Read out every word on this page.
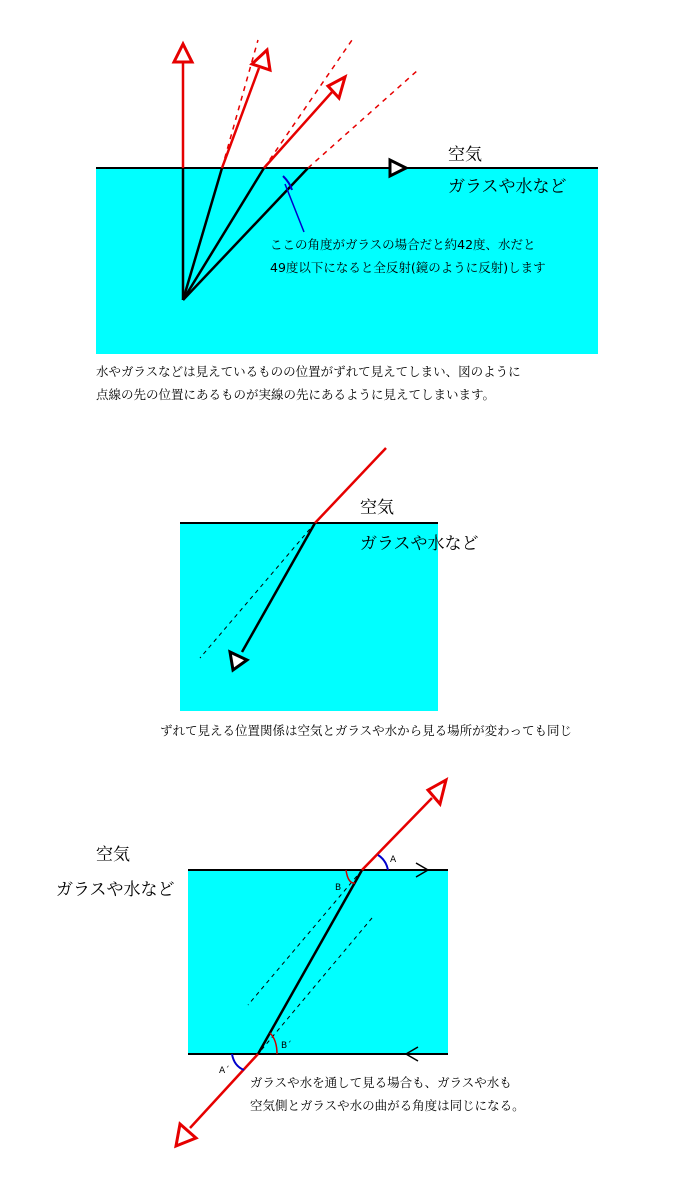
空気
ガラスや水など
ここの角度がガラスの場合だと約42度、水だと
49度以下になると全反射(鏡のように反射)します
水やガラスなどは見えているものの位置がずれて見えてしまい、図のように
点線の先の位置にあるものが実線の先にあるように見えてしまいます。
空気
ガラスや水など
ずれて見える位置関係は空気とガラスや水から見る場所が変わっても同じ
A
B
B´
A´
空気
ガラスや水など
ガラスや水を通して見る場合も、ガラスや水も
空気側とガラスや水の曲がる角度は同じになる。
